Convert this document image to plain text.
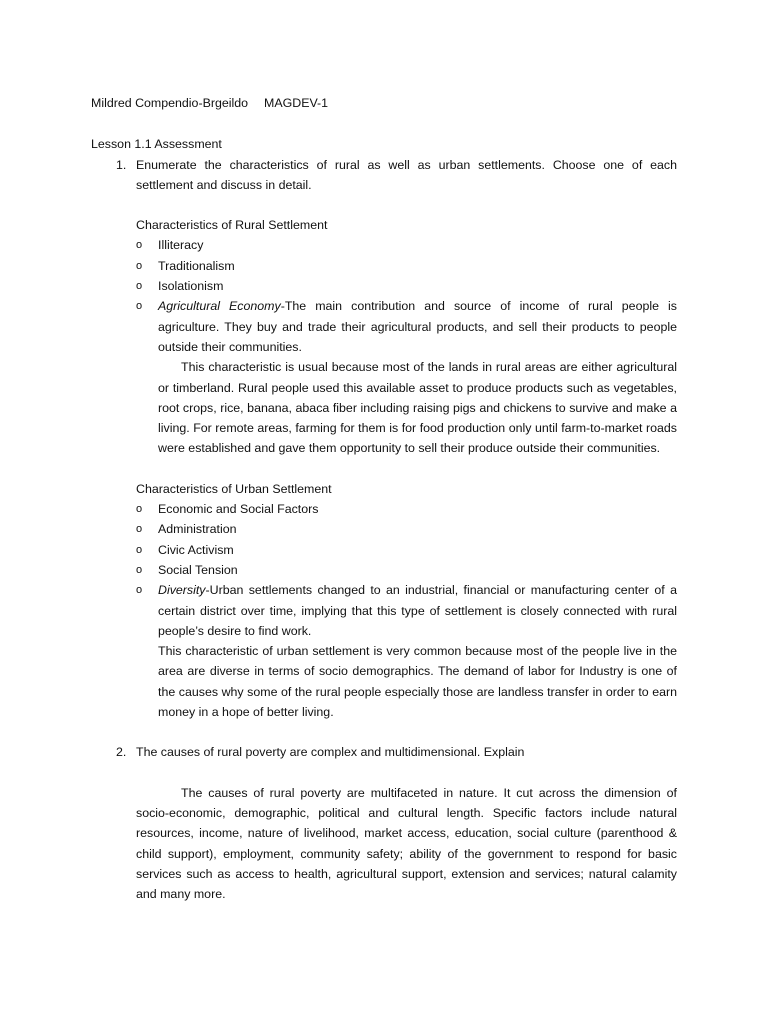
Mildred Compendio-Brgeildo MAGDEV-1

Lesson 1.1 Assessment
1. Enumerate the characteristics of rural as well as urban settlements. Choose one of each settlement and discuss in detail.
Characteristics of Rural Settlement
o Illiteracy
o Traditionalism
o Isolationism
o Agricultural Economy-The main contribution and source of income of rural people is agriculture. They buy and trade their agricultural products, and sell their products to people outside their communities.
This characteristic is usual because most of the lands in rural areas are either agricultural or timberland. Rural people used this available asset to produce products such as vegetables, root crops, rice, banana, abaca fiber including raising pigs and chickens to survive and make a living. For remote areas, farming for them is for food production only until farm-to-market roads were established and gave them opportunity to sell their produce outside their communities.
Characteristics of Urban Settlement
o Economic and Social Factors
o Administration
o Civic Activism
o Social Tension
o Diversity-Urban settlements changed to an industrial, financial or manufacturing center of a certain district over time, implying that this type of settlement is closely connected with rural people’s desire to find work.
This characteristic of urban settlement is very common because most of the people live in the area are diverse in terms of socio demographics. The demand of labor for Industry is one of the causes why some of the rural people especially those are landless transfer in order to earn money in a hope of better living.
2. The causes of rural poverty are complex and multidimensional. Explain
The causes of rural poverty are multifaceted in nature. It cut across the dimension of socio-economic, demographic, political and cultural length. Specific factors include natural resources, income, nature of livelihood, market access, education, social culture (parenthood & child support), employment, community safety; ability of the government to respond for basic services such as access to health, agricultural support, extension and services; natural calamity and many more.
